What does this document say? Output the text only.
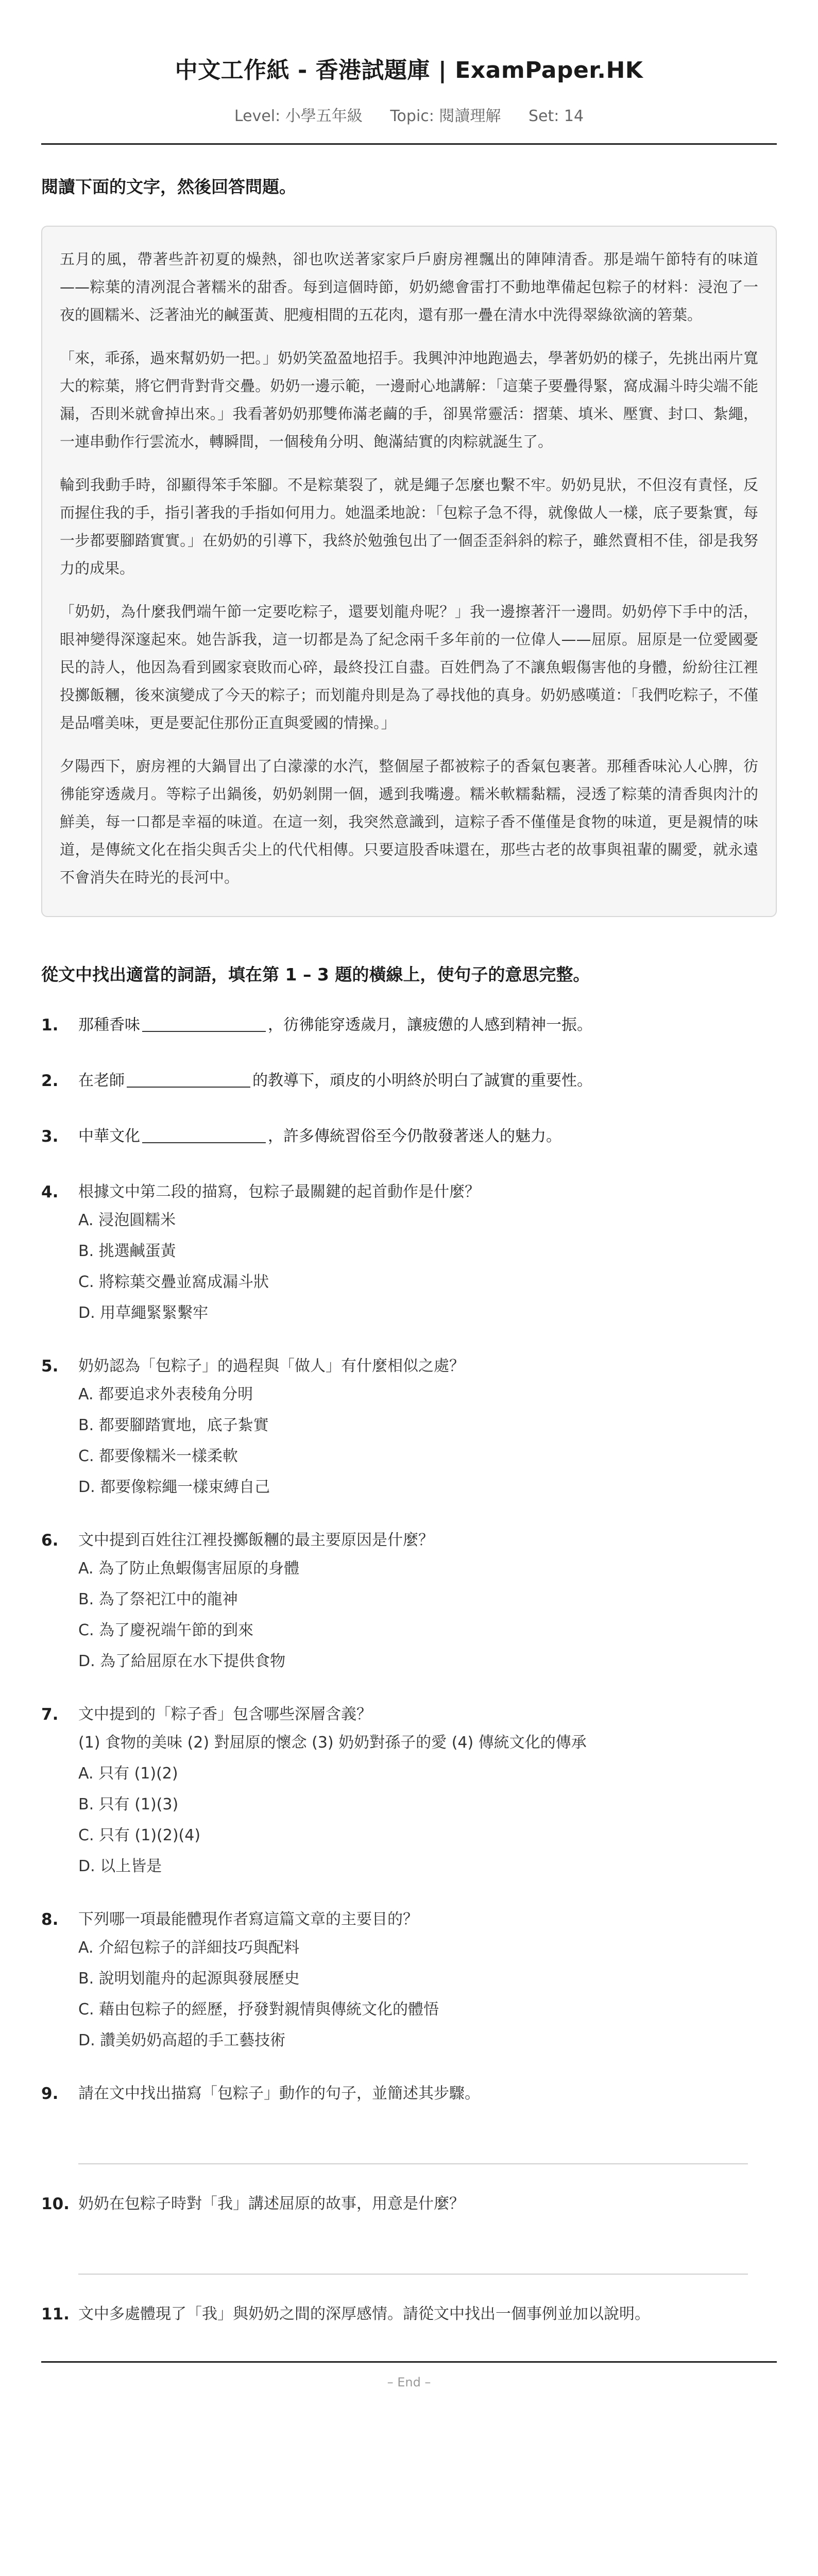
中文工作紙 - 香港試題庫 | ExamPaper.HK
Level: 小學五年級 Topic: 閱讀理解 Set: 14
閱讀下面的文字，然後回答問題。

五月的風，帶著些許初夏的燥熱，卻也吹送著家家戶戶廚房裡飄出的陣陣清香。那是端午節特有的味道——粽葉的清冽混合著糯米的甜香。每到這個時節，奶奶總會雷打不動地準備起包粽子的材料：浸泡了一夜的圓糯米、泛著油光的鹹蛋黃、肥瘦相間的五花肉，還有那一疊在清水中洗得翠綠欲滴的箬葉。

「來，乖孫，過來幫奶奶一把。」奶奶笑盈盈地招手。我興沖沖地跑過去，學著奶奶的樣子，先挑出兩片寬大的粽葉，將它們背對背交疊。奶奶一邊示範，一邊耐心地講解：「這葉子要疊得緊，窩成漏斗時尖端不能漏，否則米就會掉出來。」我看著奶奶那雙佈滿老繭的手，卻異常靈活：摺葉、填米、壓實、封口、紮繩，一連串動作行雲流水，轉瞬間，一個稜角分明、飽滿結實的肉粽就誕生了。

輪到我動手時，卻顯得笨手笨腳。不是粽葉裂了，就是繩子怎麼也繫不牢。奶奶見狀，不但沒有責怪，反而握住我的手，指引著我的手指如何用力。她溫柔地說：「包粽子急不得，就像做人一樣，底子要紮實，每一步都要腳踏實實。」在奶奶的引導下，我終於勉強包出了一個歪歪斜斜的粽子，雖然賣相不佳，卻是我努力的成果。

「奶奶，為什麼我們端午節一定要吃粽子，還要划龍舟呢？」我一邊擦著汗一邊問。奶奶停下手中的活，眼神變得深邃起來。她告訴我，這一切都是為了紀念兩千多年前的一位偉人——屈原。屈原是一位愛國憂民的詩人，他因為看到國家衰敗而心碎，最終投江自盡。百姓們為了不讓魚蝦傷害他的身體，紛紛往江裡投擲飯糰，後來演變成了今天的粽子；而划龍舟則是為了尋找他的真身。奶奶感嘆道：「我們吃粽子，不僅是品嚐美味，更是要記住那份正直與愛國的情操。」

夕陽西下，廚房裡的大鍋冒出了白濛濛的水汽，整個屋子都被粽子的香氣包裹著。那種香味沁人心脾，彷彿能穿透歲月。等粽子出鍋後，奶奶剝開一個，遞到我嘴邊。糯米軟糯黏糯，浸透了粽葉的清香與肉汁的鮮美，每一口都是幸福的味道。在這一刻，我突然意識到，這粽子香不僅僅是食物的味道，更是親情的味道，是傳統文化在指尖與舌尖上的代代相傳。只要這股香味還在，那些古老的故事與祖輩的關愛，就永遠不會消失在時光的長河中。

從文中找出適當的詞語，填在第 1 – 3 題的橫線上，使句子的意思完整。
1. 那種香味	，彷彿能穿透歲月，讓疲憊的人感到精神一振。
2. 在老師	的教導下，頑皮的小明終於明白了誠實的重要性。
3. 中華文化	，許多傳統習俗至今仍散發著迷人的魅力。
4. 根據文中第二段的描寫，包粽子最關鍵的起首動作是什麼？
A. 浸泡圓糯米
B. 挑選鹹蛋黃
C. 將粽葉交疊並窩成漏斗狀
D. 用草繩緊緊繫牢
5. 奶奶認為「包粽子」的過程與「做人」有什麼相似之處？
A. 都要追求外表稜角分明
B. 都要腳踏實地，底子紮實
C. 都要像糯米一樣柔軟
D. 都要像粽繩一樣束縛自己
6. 文中提到百姓往江裡投擲飯糰的最主要原因是什麼？
A. 為了防止魚蝦傷害屈原的身體
B. 為了祭祀江中的龍神
C. 為了慶祝端午節的到來
D. 為了給屈原在水下提供食物
7. 文中提到的「粽子香」包含哪些深層含義？
(1) 食物的美味 (2) 對屈原的懷念 (3) 奶奶對孫子的愛 (4) 傳統文化的傳承
A. 只有 (1)(2)
B. 只有 (1)(3)
C. 只有 (1)(2)(4)
D. 以上皆是
8. 下列哪一項最能體現作者寫這篇文章的主要目的？
A. 介紹包粽子的詳細技巧與配料
B. 說明划龍舟的起源與發展歷史
C. 藉由包粽子的經歷，抒發對親情與傳統文化的體悟
D. 讚美奶奶高超的手工藝技術
9. 請在文中找出描寫「包粽子」動作的句子，並簡述其步驟。
10. 奶奶在包粽子時對「我」講述屈原的故事，用意是什麼？
11. 文中多處體現了「我」與奶奶之間的深厚感情。請從文中找出一個事例並加以說明。
– End –
